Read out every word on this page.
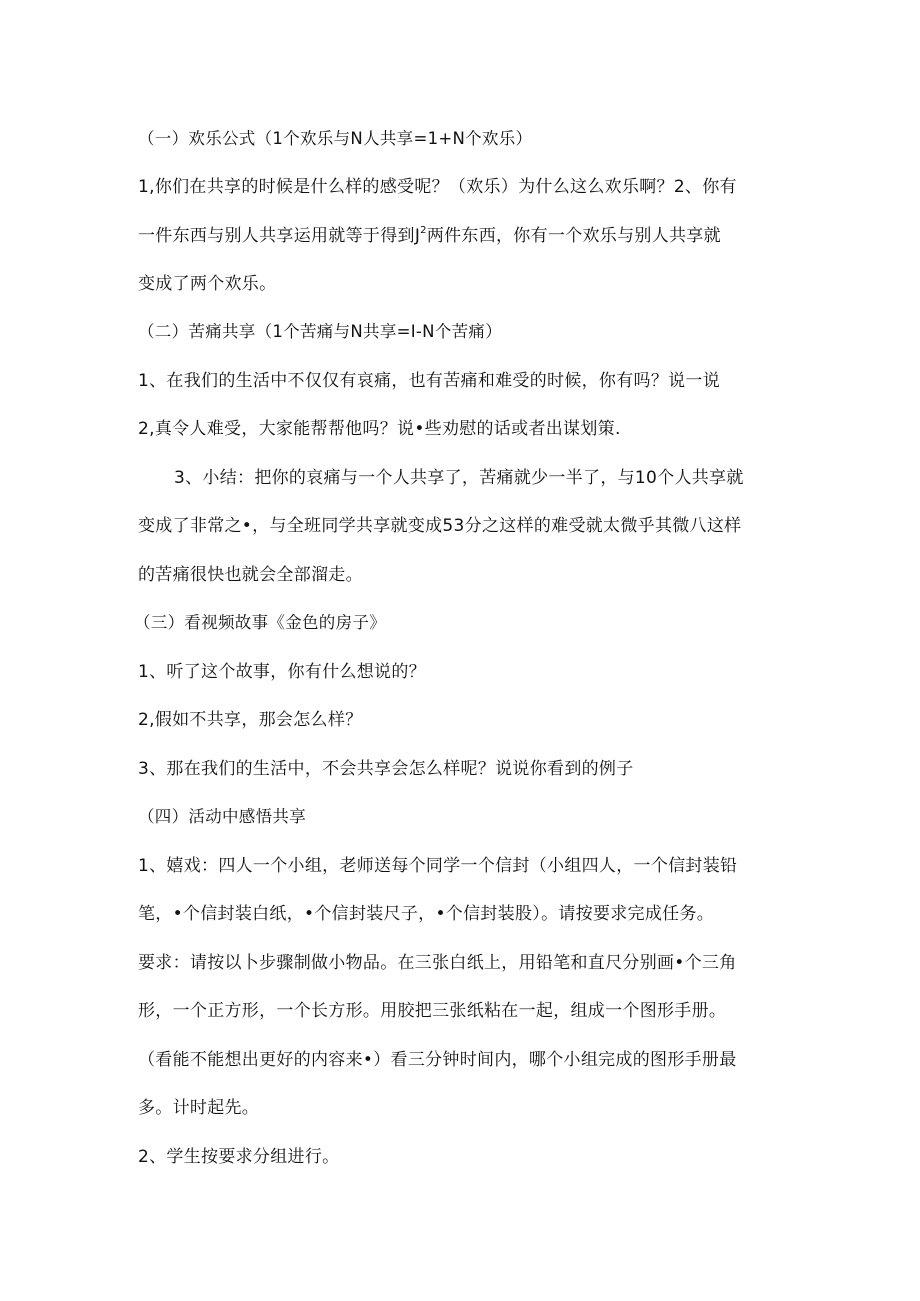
（一）欢乐公式（1个欢乐与N人共享=1+N个欢乐）
1,你们在共享的时候是什么样的感受呢？（欢乐）为什么这么欢乐啊？2、你有
一件东西与别人共享运用就等于得到$J^2$两件东西，你有一个欢乐与别人共享就
变成了两个欢乐。
（二）苦痛共享（1个苦痛与N共享=I-N个苦痛）
1、在我们的生活中不仅仅有哀痛，也有苦痛和难受的时候，你有吗？说一说
2,真令人难受，大家能帮帮他吗？说•些劝慰的话或者出谋划策.
3、小结：把你的哀痛与一个人共享了，苦痛就少一半了，与10个人共享就
变成了非常之•，与全班同学共享就变成53分之这样的难受就太微乎其微八这样
的苦痛很快也就会全部溜走。
（三）看视频故事《金色的房子》
1、听了这个故事，你有什么想说的？
2,假如不共享，那会怎么样？
3、那在我们的生活中，不会共享会怎么样呢？说说你看到的例子
（四）活动中感悟共享
1、嬉戏：四人一个小组，老师送每个同学一个信封（小组四人，一个信封装铅
笔，•个信封装白纸，•个信封装尺子，•个信封装股）。请按要求完成任务。
要求：请按以卜步骤制做小物品。在三张白纸上，用铅笔和直尺分别画•个三角
形，一个正方形，一个长方形。用胶把三张纸粘在一起，组成一个图形手册。
（看能不能想出更好的内容来•）看三分钟时间内，哪个小组完成的图形手册最
多。计时起先。
2、学生按要求分组进行。
